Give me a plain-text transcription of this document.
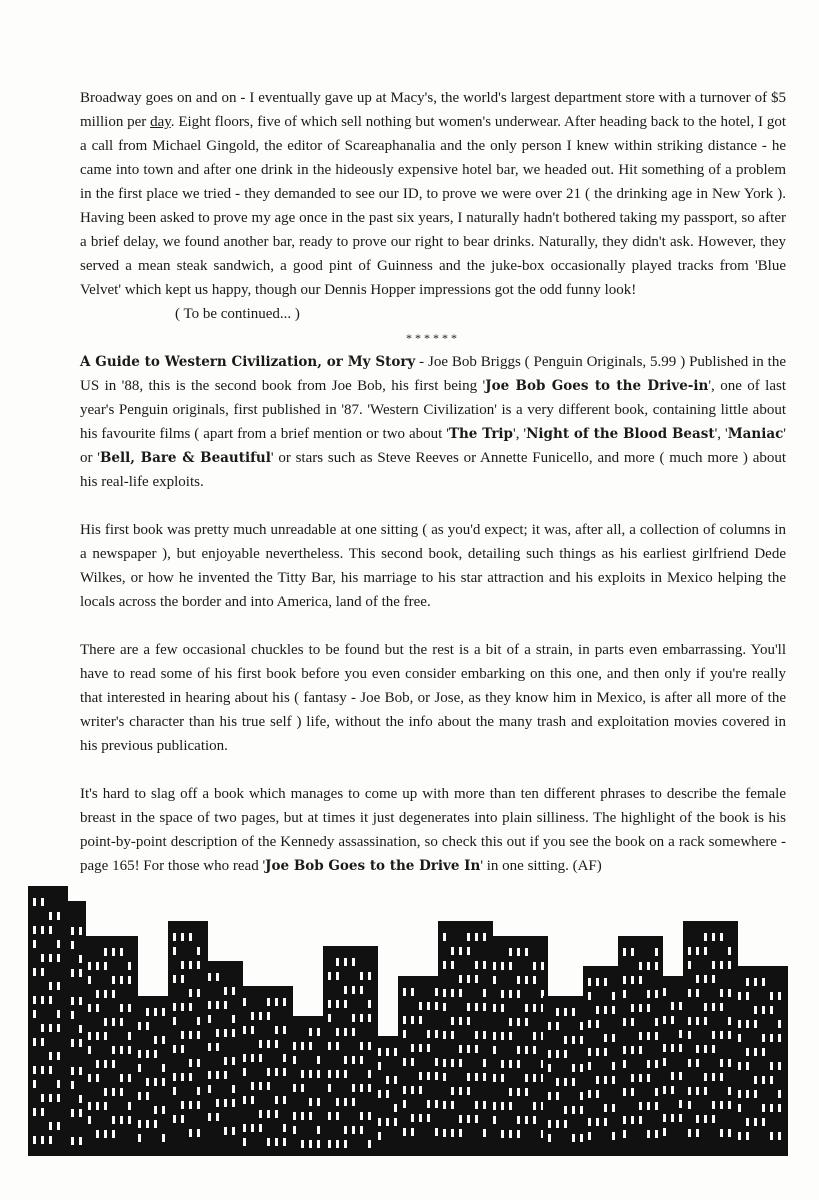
Broadway goes on and on - I eventually gave up at Macy's, the world's largest department store with a turnover of $5 million per day. Eight floors, five of which sell nothing but women's underwear. After heading back to the hotel, I got a call from Michael Gingold, the editor of Scareaphanalia and the only person I knew within striking distance - he came into town and after one drink in the hideously expensive hotel bar, we headed out. Hit something of a problem in the first place we tried - they demanded to see our ID, to prove we were over 21 ( the drinking age in New York ). Having been asked to prove my age once in the past six years, I naturally hadn't bothered taking my passport, so after a brief delay, we found another bar, ready to prove our right to bear drinks. Naturally, they didn't ask. However, they served a mean steak sandwich, a good pint of Guinness and the juke-box occasionally played tracks from 'Blue Velvet' which kept us happy, though our Dennis Hopper impressions got the odd funny look!

( To be continued... )

******

A Guide to Western Civilization, or My Story - Joe Bob Briggs ( Penguin Originals, 5.99 ) Published in the US in '88, this is the second book from Joe Bob, his first being 'Joe Bob Goes to the Drive-in', one of last year's Penguin originals, first published in '87. 'Western Civilization' is a very different book, containing little about his favourite films ( apart from a brief mention or two about 'The Trip', 'Night of the Blood Beast', 'Maniac' or 'Bell, Bare & Beautiful' or stars such as Steve Reeves or Annette Funicello, and more ( much more ) about his real-life exploits.

His first book was pretty much unreadable at one sitting ( as you'd expect; it was, after all, a collection of columns in a newspaper ), but enjoyable nevertheless. This second book, detailing such things as his earliest girlfriend Dede Wilkes, or how he invented the Titty Bar, his marriage to his star attraction and his exploits in Mexico helping the locals across the border and into America, land of the free.

There are a few occasional chuckles to be found but the rest is a bit of a strain, in parts even embarrassing. You'll have to read some of his first book before you even consider embarking on this one, and then only if you're really that interested in hearing about his ( fantasy - Joe Bob, or Jose, as they know him in Mexico, is after all more of the writer's character than his true self ) life, without the info about the many trash and exploitation movies covered in his previous publication.

It's hard to slag off a book which manages to come up with more than ten different phrases to describe the female breast in the space of two pages, but at times it just degenerates into plain silliness. The highlight of the book is his point-by-point description of the Kennedy assassination, so check this out if you see the book on a rack somewhere - page 165! For those who read 'Joe Bob Goes to the Drive In' in one sitting. (AF)
